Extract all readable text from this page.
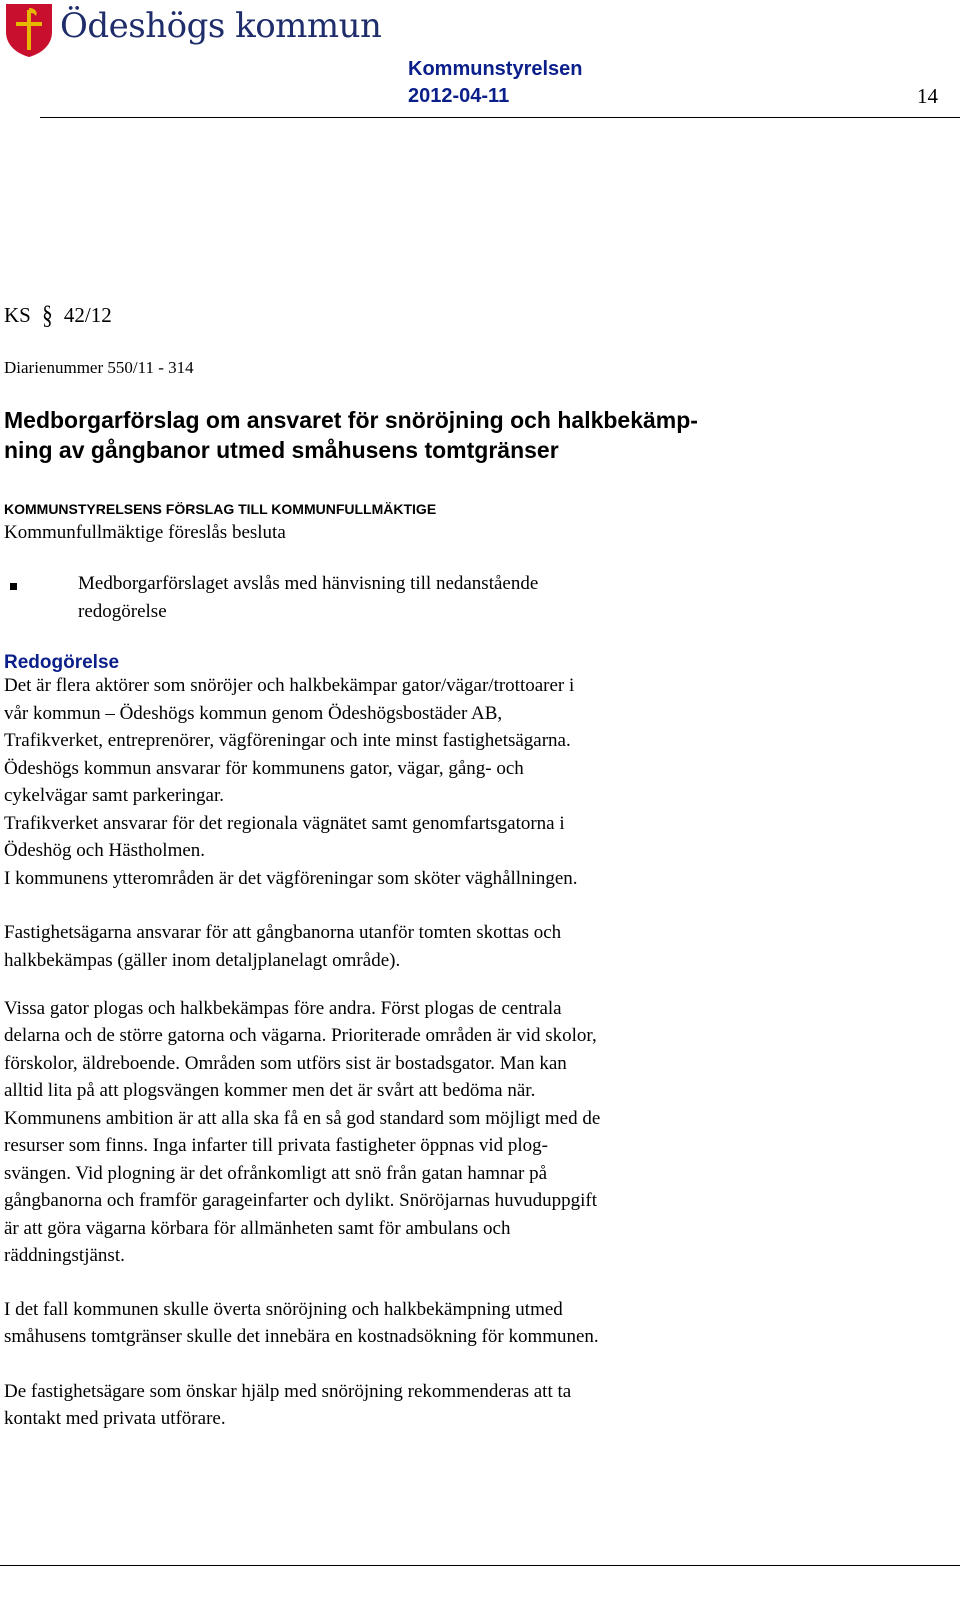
Ödeshögs kommun
Kommunstyrelsen
2012-04-11	14
KS § 42/12
Diarienummer 550/11 - 314
Medborgarförslag om ansvaret för snöröjning och halkbekämp-
ning av gångbanor utmed småhusens tomtgränser
KOMMUNSTYRELSENS FÖRSLAG TILL KOMMUNFULLMÄKTIGE
Kommunfullmäktige föreslås besluta
Medborgarförslaget avslås med hänvisning till nedanstående
redogörelse
Redogörelse
Det är flera aktörer som snöröjer och halkbekämpar gator/vägar/trottoarer i
vår kommun – Ödeshögs kommun genom Ödeshögsbostäder AB,
Trafikverket, entreprenörer, vägföreningar och inte minst fastighetsägarna.
Ödeshögs kommun ansvarar för kommunens gator, vägar, gång- och
cykelvägar samt parkeringar.
Trafikverket ansvarar för det regionala vägnätet samt genomfartsgatorna i
Ödeshög och Hästholmen.
I kommunens ytterområden är det vägföreningar som sköter väghållningen.
Fastighetsägarna ansvarar för att gångbanorna utanför tomten skottas och
halkbekämpas (gäller inom detaljplanelagt område).
Vissa gator plogas och halkbekämpas före andra. Först plogas de centrala
delarna och de större gatorna och vägarna. Prioriterade områden är vid skolor,
förskolor, äldreboende. Områden som utförs sist är bostadsgator. Man kan
alltid lita på att plogsvängen kommer men det är svårt att bedöma när.
Kommunens ambition är att alla ska få en så god standard som möjligt med de
resurser som finns. Inga infarter till privata fastigheter öppnas vid plog-
svängen. Vid plogning är det ofrånkomligt att snö från gatan hamnar på
gångbanorna och framför garageinfarter och dylikt. Snöröjarnas huvuduppgift
är att göra vägarna körbara för allmänheten samt för ambulans och
räddningstjänst.
I det fall kommunen skulle överta snöröjning och halkbekämpning utmed
småhusens tomtgränser skulle det innebära en kostnadsökning för kommunen.
De fastighetsägare som önskar hjälp med snöröjning rekommenderas att ta
kontakt med privata utförare.
